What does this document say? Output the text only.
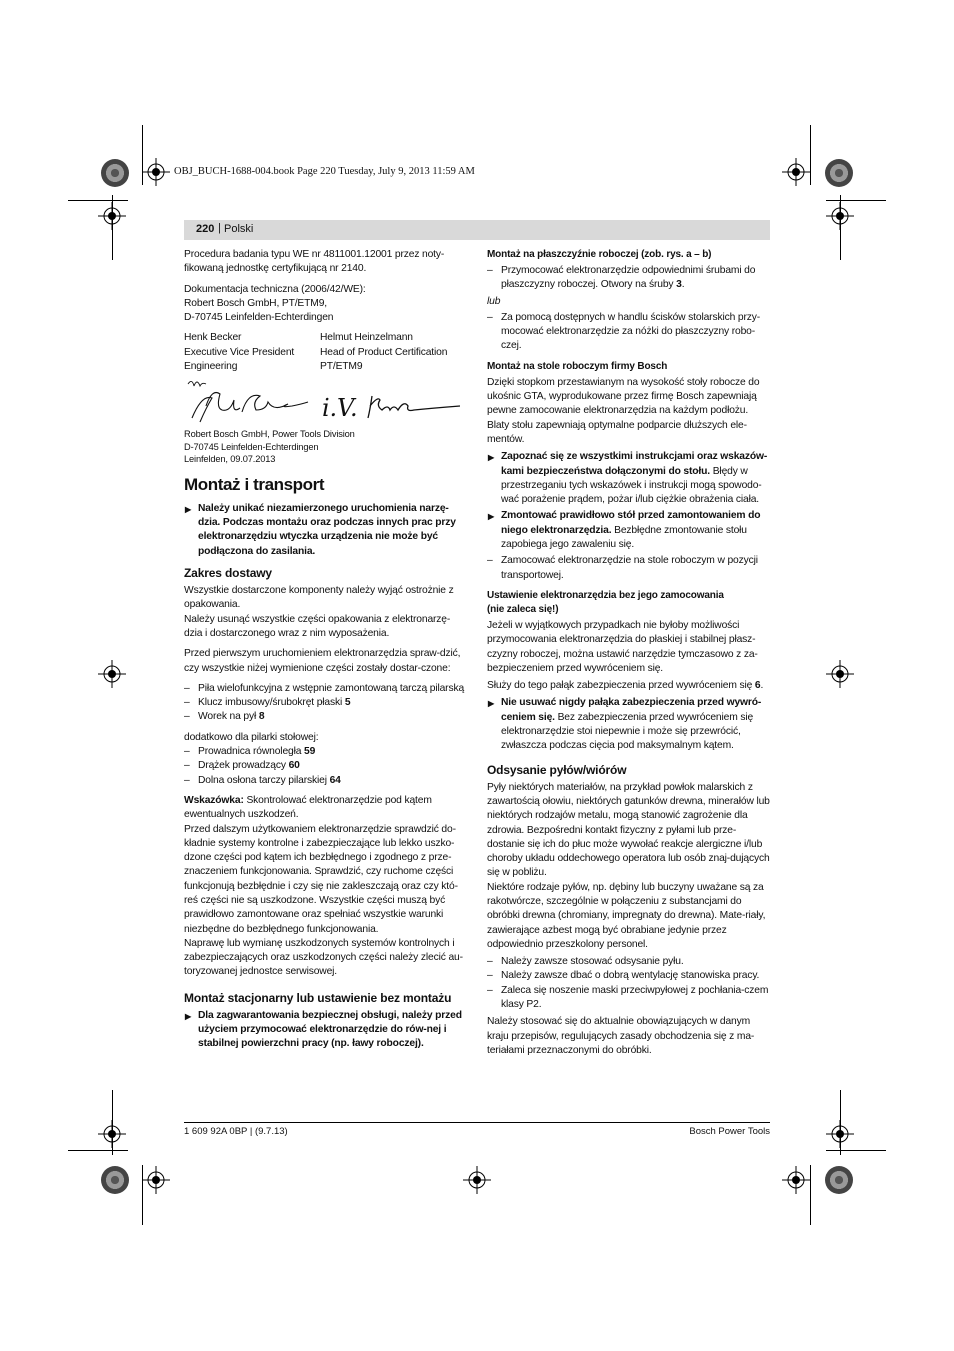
OBJ_BUCH-1688-004.book Page 220 Tuesday, July 9, 2013 11:59 AM
220 | Polski

Procedura badania typu WE nr 4811001.12001 przez noty-fikowaną jednostkę certyfikującą nr 2140.

Dokumentacja techniczna (2006/42/WE):

Robert Bosch GmbH, PT/ETM9,

D-70745 Leinfelden-Echterdingen

Henk Becker

Executive Vice President

Engineering

Helmut Heinzelmann

Head of Product Certification

PT/ETM9

i.V.

Robert Bosch GmbH, Power Tools Division

D-70745 Leinfelden-Echterdingen

Leinfelden, 09.07.2013

Montaż i transport

▶ Należy unikać niezamierzonego uruchomienia narzę-dzia. Podczas montażu oraz podczas innych prac przy elektronarzędziu wtyczka urządzenia nie może być podłączona do zasilania.

Zakres dostawy

Wszystkie dostarczone komponenty należy wyjąć ostrożnie z opakowania.

Należy usunąć wszystkie części opakowania z elektronarzę-dzia i dostarczonego wraz z nim wyposażenia.

Przed pierwszym uruchomieniem elektronarzędzia spraw-dzić, czy wszystkie niżej wymienione części zostały dostar-czone:

– Piła wielofunkcyjna z wstępnie zamontowaną tarczą pilarską

– Klucz imbusowy/śrubokręt płaski 5

– Worek na pył 8

dodatkowo dla pilarki stołowej:

– Prowadnica równoległa 59

– Drążek prowadzący 60

– Dolna osłona tarczy pilarskiej 64

Wskazówka: Skontrolować elektronarzędzie pod kątem ewentualnych uszkodzeń.

Przed dalszym użytkowaniem elektronarzędzie sprawdzić do-kładnie systemy kontrolne i zabezpieczające lub lekko uszko-dzone części pod kątem ich bezbłędnego i zgodnego z prze-znaczeniem funkcjonowania. Sprawdzić, czy ruchome części funkcjonują bezbłędnie i czy się nie zakleszczają oraz czy któ-reś części nie są uszkodzone. Wszystkie części muszą być prawidłowo zamontowane oraz spełniać wszystkie warunki niezbędne do bezbłędnego funkcjonowania.

Naprawę lub wymianę uszkodzonych systemów kontrolnych i zabezpieczających oraz uszkodzonych części należy zlecić au-toryzowanej jednostce serwisowej.

Montaż stacjonarny lub ustawienie bez montażu

▶ Dla zagwarantowania bezpiecznej obsługi, należy przed użyciem przymocować elektronarzędzie do rów-nej i stabilnej powierzchni pracy (np. ławy roboczej).

Montaż na płaszczyźnie roboczej (zob. rys. a – b)

– Przymocować elektronarzędzie odpowiednimi śrubami do płaszczyzny roboczej. Otwory na śruby 3.

lub

– Za pomocą dostępnych w handlu ścisków stolarskich przy-mocować elektronarzędzie za nóżki do płaszczyzny robo-czej.

Montaż na stole roboczym firmy Bosch

Dzięki stopkom przestawianym na wysokość stoły robocze do ukośnic GTA, wyprodukowane przez firmę Bosch zapewniają pewne zamocowanie elektronarzędzia na każdym podłożu. Blaty stołu zapewniają optymalne podparcie dłuższych ele-mentów.

▶ Zapoznać się ze wszystkimi instrukcjami oraz wskazów-kami bezpieczeństwa dołączonymi do stołu. Błędy w przestrzeganiu tych wskazówek i instrukcji mogą spowodo-wać porażenie prądem, pożar i/lub ciężkie obrażenia ciała.

▶ Zmontować prawidłowo stół przed zamontowaniem do niego elektronarzędzia. Bezbłędne zmontowanie stołu zapobiega jego zawaleniu się.

– Zamocować elektronarzędzie na stole roboczym w pozycji transportowej.

Ustawienie elektronarzędzia bez jego zamocowania
(nie zaleca się!)

Jeżeli w wyjątkowych przypadkach nie byłoby możliwości przymocowania elektronarzędzia do płaskiej i stabilnej płasz-czyzny roboczej, można ustawić narzędzie tymczasowo z za-bezpieczeniem przed wywróceniem się.

Służy do tego pałąk zabezpieczenia przed wywróceniem się 6.

▶ Nie usuwać nigdy pałąka zabezpieczenia przed wywró-ceniem się. Bez zabezpieczenia przed wywróceniem się elektronarzędzie stoi niepewnie i może się przewrócić, zwłaszcza podczas cięcia pod maksymalnym kątem.

Odsysanie pyłów/wiórów

Pyły niektórych materiałów, na przykład powłok malarskich z zawartością ołowiu, niektórych gatunków drewna, minerałów lub niektórych rodzajów metalu, mogą stanowić zagrożenie dla zdrowia. Bezpośredni kontakt fizyczny z pyłami lub prze-dostanie się ich do płuc może wywołać reakcje alergiczne i/lub choroby układu oddechowego operatora lub osób znaj-dujących się w pobliżu.

Niektóre rodzaje pyłów, np. dębiny lub buczyny uważane są za rakotwórcze, szczególnie w połączeniu z substancjami do obróbki drewna (chromiany, impregnaty do drewna). Mate-riały, zawierające azbest mogą być obrabiane jedynie przez odpowiednio przeszkolony personel.

– Należy zawsze stosować odsysanie pyłu.

– Należy zawsze dbać o dobrą wentylację stanowiska pracy.

– Zaleca się noszenie maski przeciwpyłowej z pochłania-czem klasy P2.

Należy stosować się do aktualnie obowiązujących w danym kraju przepisów, regulujących zasady obchodzenia się z ma-teriałami przeznaczonymi do obróbki.

1 609 92A 0BP | (9.7.13)	Bosch Power Tools
